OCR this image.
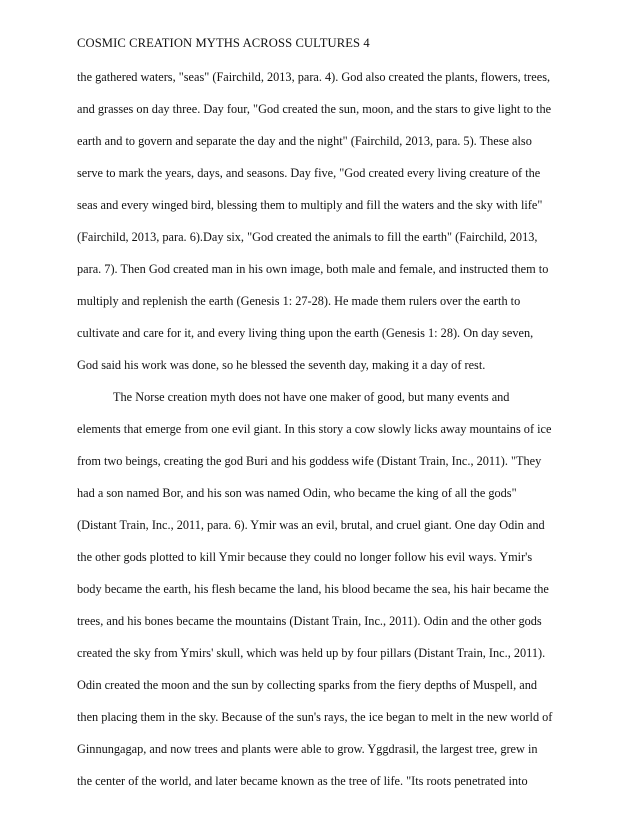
COSMIC CREATION MYTHS ACROSS CULTURES 4
the gathered waters, "seas" (Fairchild, 2013, para. 4). God also created the plants, flowers, trees,
and grasses on day three. Day four, "God created the sun, moon, and the stars to give light to the
earth and to govern and separate the day and the night" (Fairchild, 2013, para. 5). These also
serve to mark the years, days, and seasons. Day five, "God created every living creature of the
seas and every winged bird, blessing them to multiply and fill the waters and the sky with life"
(Fairchild, 2013, para. 6).Day six, "God created the animals to fill the earth" (Fairchild, 2013,
para. 7). Then God created man in his own image, both male and female, and instructed them to
multiply and replenish the earth (Genesis 1: 27-28). He made them rulers over the earth to
cultivate and care for it, and every living thing upon the earth (Genesis 1: 28). On day seven,
God said his work was done, so he blessed the seventh day, making it a day of rest.
The Norse creation myth does not have one maker of good, but many events and
elements that emerge from one evil giant. In this story a cow slowly licks away mountains of ice
from two beings, creating the god Buri and his goddess wife (Distant Train, Inc., 2011). "They
had a son named Bor, and his son was named Odin, who became the king of all the gods"
(Distant Train, Inc., 2011, para. 6). Ymir was an evil, brutal, and cruel giant. One day Odin and
the other gods plotted to kill Ymir because they could no longer follow his evil ways. Ymir's
body became the earth, his flesh became the land, his blood became the sea, his hair became the
trees, and his bones became the mountains (Distant Train, Inc., 2011). Odin and the other gods
created the sky from Ymirs' skull, which was held up by four pillars (Distant Train, Inc., 2011).
Odin created the moon and the sun by collecting sparks from the fiery depths of Muspell, and
then placing them in the sky. Because of the sun's rays, the ice began to melt in the new world of
Ginnungagap, and now trees and plants were able to grow. Yggdrasil, the largest tree, grew in
the center of the world, and later became known as the tree of life. "Its roots penetrated into
